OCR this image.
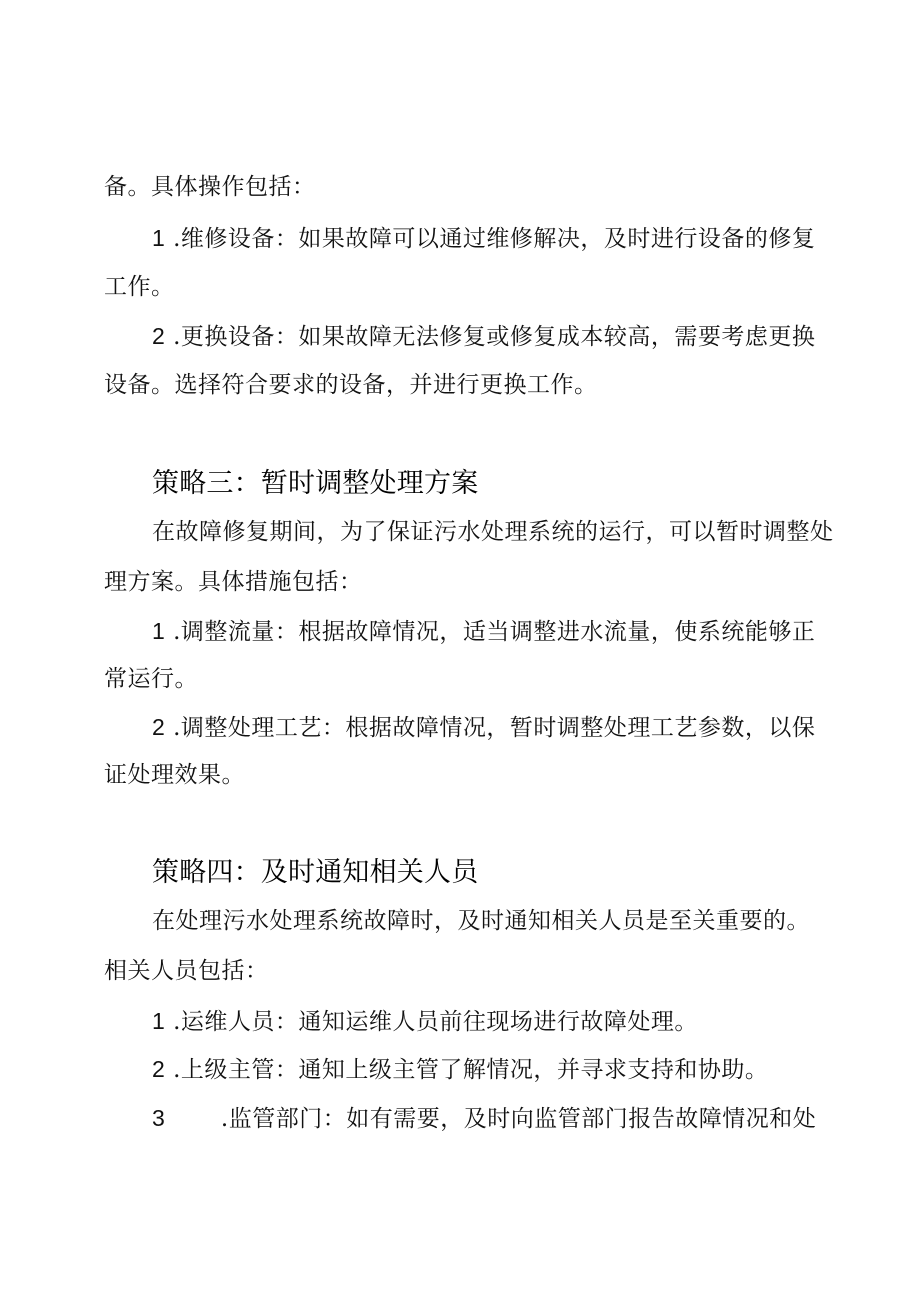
备。具体操作包括：
1 .维修设备：如果故障可以通过维修解决，及时进行设备的修复
工作。
2 .更换设备：如果故障无法修复或修复成本较高，需要考虑更换
设备。选择符合要求的设备，并进行更换工作。
策略三：暂时调整处理方案
在故障修复期间，为了保证污水处理系统的运行，可以暂时调整处
理方案。具体措施包括：
1 .调整流量：根据故障情况，适当调整进水流量，使系统能够正
常运行。
2 .调整处理工艺：根据故障情况，暂时调整处理工艺参数，以保
证处理效果。
策略四：及时通知相关人员
在处理污水处理系统故障时，及时通知相关人员是至关重要的。
相关人员包括：
1 .运维人员：通知运维人员前往现场进行故障处理。
2 .上级主管：通知上级主管了解情况，并寻求支持和协助。
3 .监管部门：如有需要，及时向监管部门报告故障情况和处
